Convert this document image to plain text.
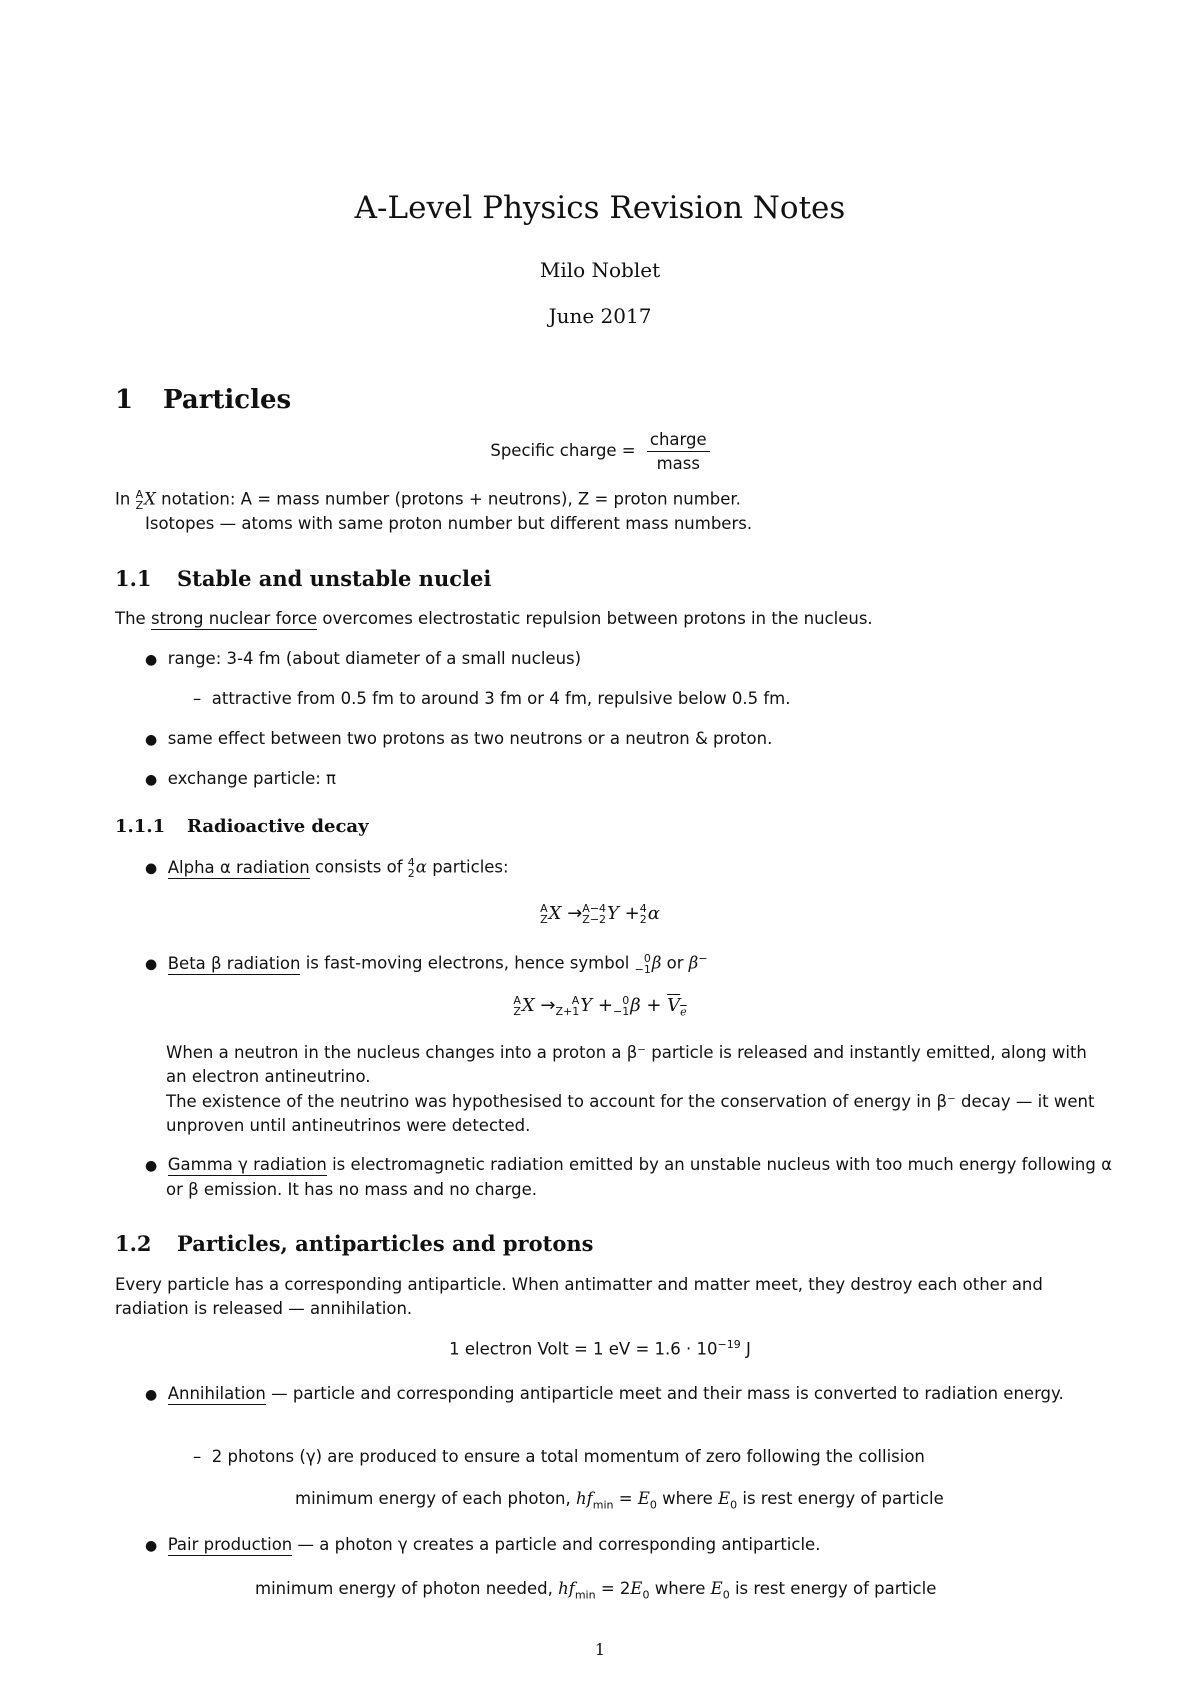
A-Level Physics Revision Notes
Milo Noblet
June 2017
1 Particles
Specific charge = $\frac{\text{charge}}{\text{mass}}$
In A
Z X notation: A = mass number (protons + neutrons), Z = proton number.
Isotopes — atoms with same proton number but different mass numbers.
1.1 Stable and unstable nuclei
The strong nuclear force overcomes electrostatic repulsion between protons in the nucleus.
● range: 3-4 fm (about diameter of a small nucleus)
– attractive from 0.5 fm to around 3 fm or 4 fm, repulsive below 0.5 fm.
● same effect between two protons as two neutrons or a neutron & proton.
● exchange particle: π
1.1.1 Radioactive decay
● Alpha α radiation consists of 4
2 α particles:
A
Z X → A−4
Z−2 Y + 4
2 α
● Beta β radiation is fast-moving electrons, hence symbol	0
−1 β or β−
A
Z X →	A
Z+1 Y + 0
−1 $\beta + V_e$
When a neutron in the nucleus changes into a proton a β⁻ particle is released and instantly emitted, along with an electron antineutrino.
The existence of the neutrino was hypothesised to account for the conservation of energy in β⁻ decay — it went unproven until antineutrinos were detected.
● Gamma γ radiation is electromagnetic radiation emitted by an unstable nucleus with too much energy following α or β emission. It has no mass and no charge.
1.2 Particles, antiparticles and protons
Every particle has a corresponding antiparticle. When antimatter and matter meet, they destroy each other and radiation is released — annihilation.
1 electron Volt = 1 eV = $1.6 \cdot 10^{-19}$ J
● Annihilation — particle and corresponding antiparticle meet and their mass is converted to radiation energy.
– 2 photons (γ) are produced to ensure a total momentum of zero following the collision
minimum energy of each photon, $hf_{min} = E_0$ where $E_0$ is rest energy of particle
● Pair production — a photon γ creates a particle and corresponding antiparticle.
minimum energy of photon needed, $hf_{min} = 2E_0$ where $E_0$ is rest energy of particle
1
